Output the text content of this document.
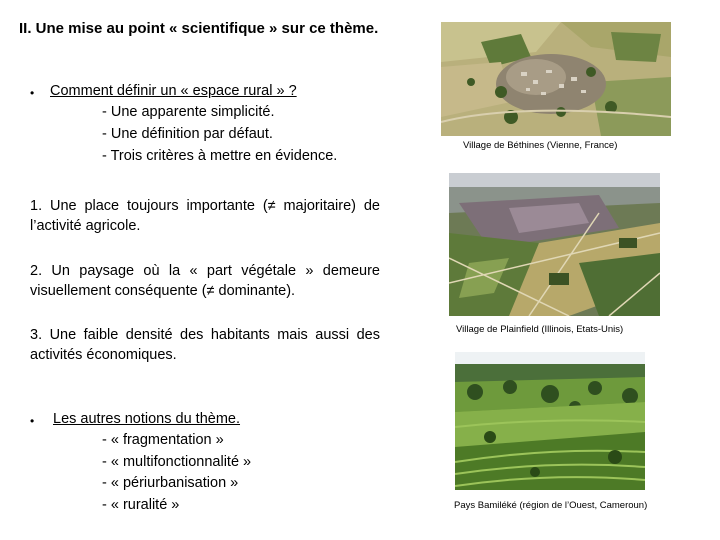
II. Une mise au point « scientifique » sur ce thème.
• Comment définir un « espace rural » ?
- Une apparente simplicité.
- Une définition par défaut.
- Trois critères à mettre en évidence.
1. Une place toujours importante (≠ majoritaire) de l’activité agricole.
2. Un paysage où la « part végétale » demeure visuellement conséquente (≠ dominante).
3. Une faible densité des habitants mais aussi des activités économiques.
• Les autres notions du thème.
- « fragmentation »
- « multifonctionnalité »
- « périurbanisation »
- « ruralité »
Village de Béthines (Vienne, France)
Village de Plainfield (Illinois, Etats-Unis)
Pays Bamiléké (région de l’Ouest, Cameroun)
